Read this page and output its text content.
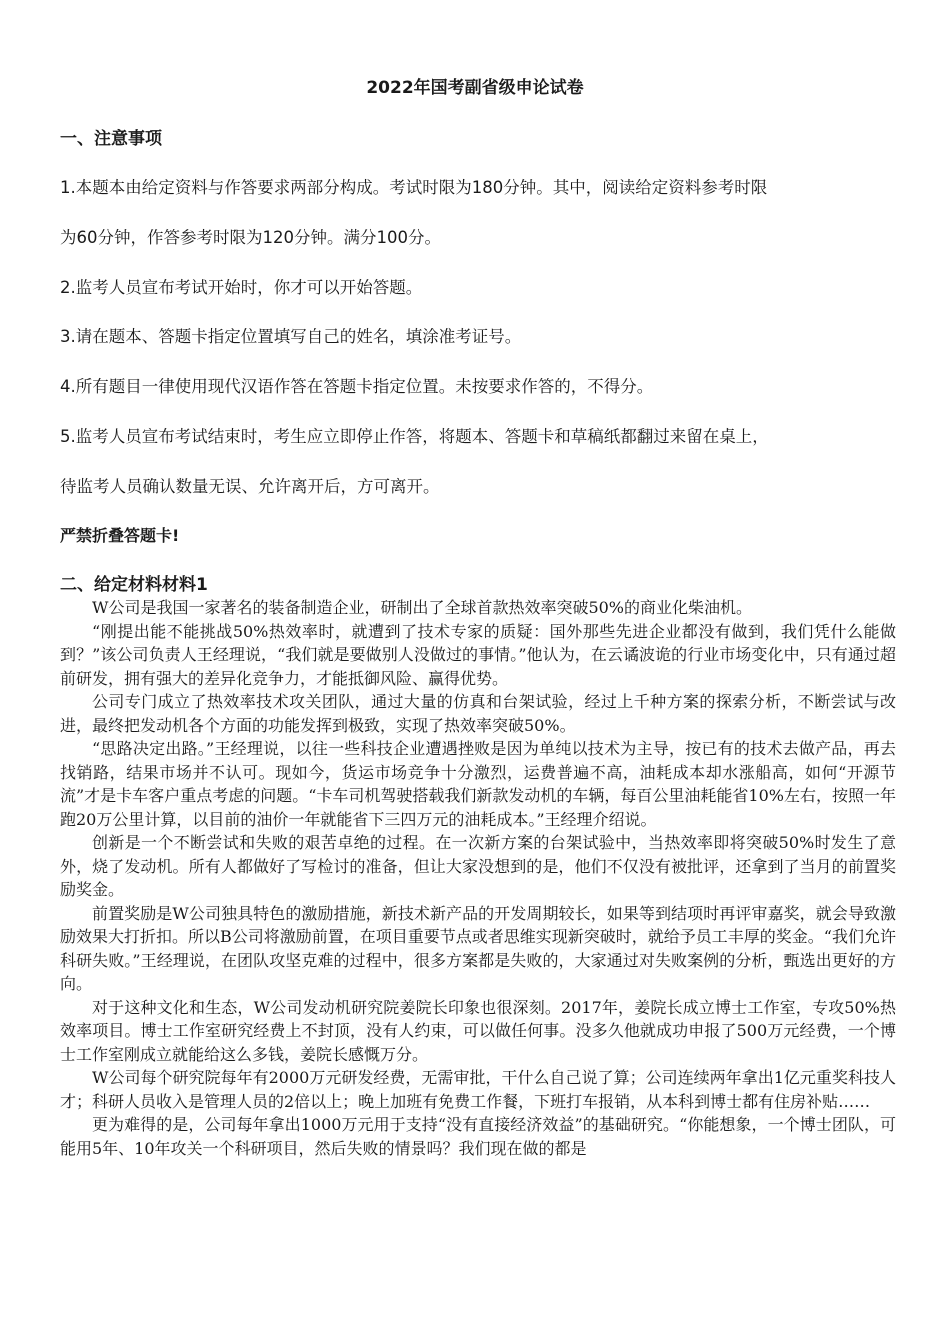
2022年国考副省级申论试卷
一、注意事项
1.本题本由给定资料与作答要求两部分构成。考试时限为180分钟。其中，阅读给定资料参考时限
为60分钟，作答参考时限为120分钟。满分100分。
2.监考人员宣布考试开始时，你才可以开始答题。
3.请在题本、答题卡指定位置填写自己的姓名，填涂准考证号。
4.所有题目一律使用现代汉语作答在答题卡指定位置。未按要求作答的，不得分。
5.监考人员宣布考试结束时，考生应立即停止作答，将题本、答题卡和草稿纸都翻过来留在桌上，
待监考人员确认数量无误、允许离开后，方可离开。
严禁折叠答题卡!
二、给定材料材料1

W公司是我国一家著名的装备制造企业，研制出了全球首款热效率突破50%的商业化柴油机。

“刚提出能不能挑战50%热效率时，就遭到了技术专家的质疑：国外那些先进企业都没有做到，我们凭什么能做到？”该公司负责人王经理说，“我们就是要做别人没做过的事情。”他认为，在云谲波诡的行业市场变化中，只有通过超前研发，拥有强大的差异化竞争力，才能抵御风险、赢得优势。

公司专门成立了热效率技术攻关团队，通过大量的仿真和台架试验，经过上千种方案的探索分析，不断尝试与改进，最终把发动机各个方面的功能发挥到极致，实现了热效率突破50%。

“思路决定出路。”王经理说，以往一些科技企业遭遇挫败是因为单纯以技术为主导，按已有的技术去做产品，再去找销路，结果市场并不认可。现如今，货运市场竞争十分激烈，运费普遍不高，油耗成本却水涨船高，如何“开源节流”才是卡车客户重点考虑的问题。“卡车司机驾驶搭载我们新款发动机的车辆，每百公里油耗能省10%左右，按照一年跑20万公里计算，以目前的油价一年就能省下三四万元的油耗成本。”王经理介绍说。

创新是一个不断尝试和失败的艰苦卓绝的过程。在一次新方案的台架试验中，当热效率即将突破50%时发生了意外，烧了发动机。所有人都做好了写检讨的准备，但让大家没想到的是，他们不仅没有被批评，还拿到了当月的前置奖励奖金。

前置奖励是W公司独具特色的激励措施，新技术新产品的开发周期较长，如果等到结项时再评审嘉奖，就会导致激励效果大打折扣。所以B公司将激励前置，在项目重要节点或者思维实现新突破时，就给予员工丰厚的奖金。“我们允许科研失败。”王经理说，在团队攻坚克难的过程中，很多方案都是失败的，大家通过对失败案例的分析，甄选出更好的方向。

对于这种文化和生态，W公司发动机研究院姜院长印象也很深刻。2017年，姜院长成立博士工作室，专攻50%热效率项目。博士工作室研究经费上不封顶，没有人约束，可以做任何事。没多久他就成功申报了500万元经费，一个博士工作室刚成立就能给这么多钱，姜院长感慨万分。

W公司每个研究院每年有2000万元研发经费，无需审批，干什么自己说了算；公司连续两年拿出1亿元重奖科技人才；科研人员收入是管理人员的2倍以上；晚上加班有免费工作餐，下班打车报销，从本科到博士都有住房补贴……

更为难得的是，公司每年拿出1000万元用于支持“没有直接经济效益”的基础研究。“你能想象，一个博士团队，可能用5年、10年攻关一个科研项目，然后失败的情景吗？我们现在做的都是
